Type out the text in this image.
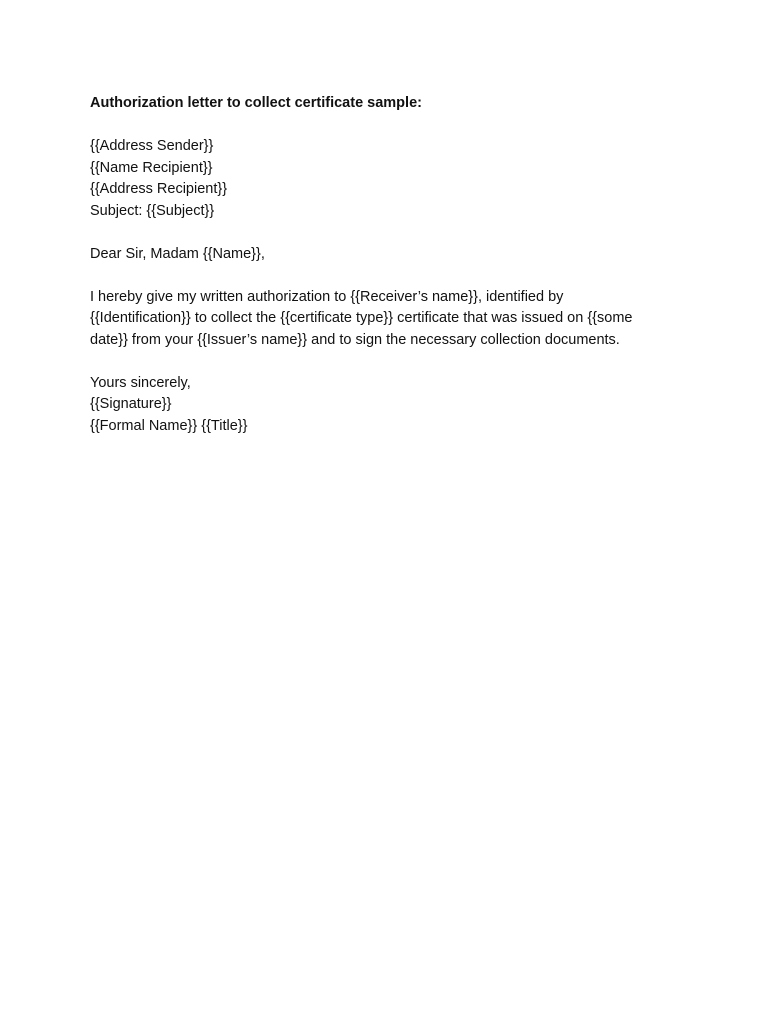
Authorization letter to collect certificate sample:
{{Address Sender}}
{{Name Recipient}}
{{Address Recipient}}
Subject: {{Subject}}
Dear Sir, Madam {{Name}},
I hereby give my written authorization to {{Receiver’s name}}, identified by
{{Identification}} to collect the {{certificate type}} certificate that was issued on {{some
date}} from your {{Issuer’s name}} and to sign the necessary collection documents.
Yours sincerely,
{{Signature}}
{{Formal Name}} {{Title}}
